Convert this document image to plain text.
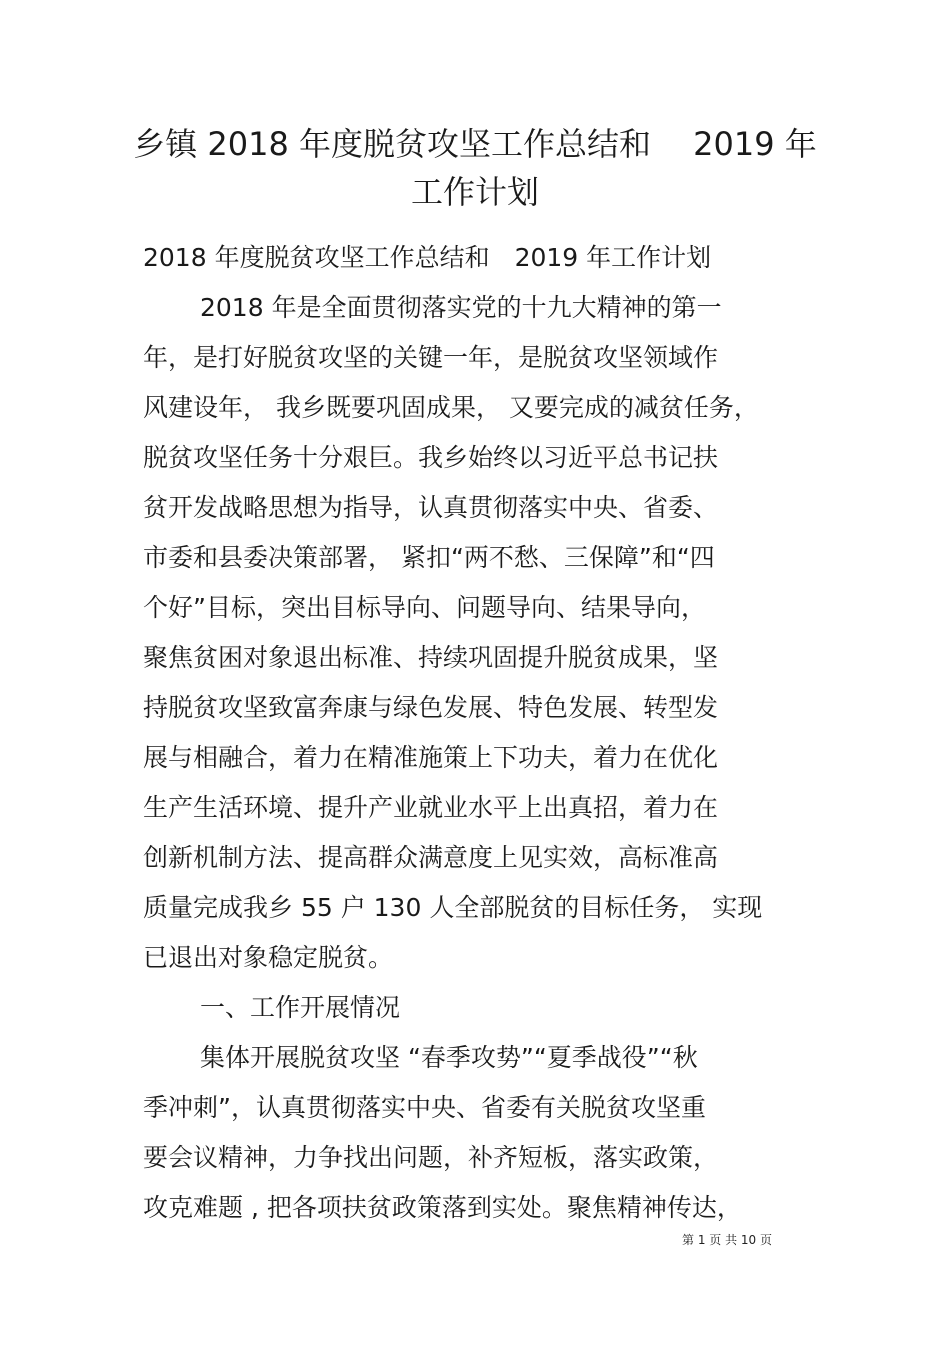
乡镇 2018 年度脱贫攻坚工作总结和　 2019 年
工作计划

2018 年度脱贫攻坚工作总结和　2019 年工作计划

2018 年是全面贯彻落实党的十九大精神的第一

年，是打好脱贫攻坚的关键一年，是脱贫攻坚领域作

风建设年， 我乡既要巩固成果， 又要完成的减贫任务，

脱贫攻坚任务十分艰巨。我乡始终以习近平总书记扶

贫开发战略思想为指导，认真贯彻落实中央、省委、

市委和县委决策部署， 紧扣“两不愁、三保障”和“四

个好”目标，突出目标导向、问题导向、结果导向，

聚焦贫困对象退出标准、持续巩固提升脱贫成果，坚

持脱贫攻坚致富奔康与绿色发展、特色发展、转型发

展与相融合，着力在精准施策上下功夫，着力在优化

生产生活环境、提升产业就业水平上出真招，着力在

创新机制方法、提高群众满意度上见实效，高标准高

质量完成我乡 55 户 130 人全部脱贫的目标任务， 实现

已退出对象稳定脱贫。

一、工作开展情况

集体开展脱贫攻坚 “春季攻势”“夏季战役”“秋

季冲刺”，认真贯彻落实中央、省委有关脱贫攻坚重

要会议精神，力争找出问题，补齐短板，落实政策，

攻克难题 , 把各项扶贫政策落到实处。聚焦精神传达，

第 1 页 共 10 页
